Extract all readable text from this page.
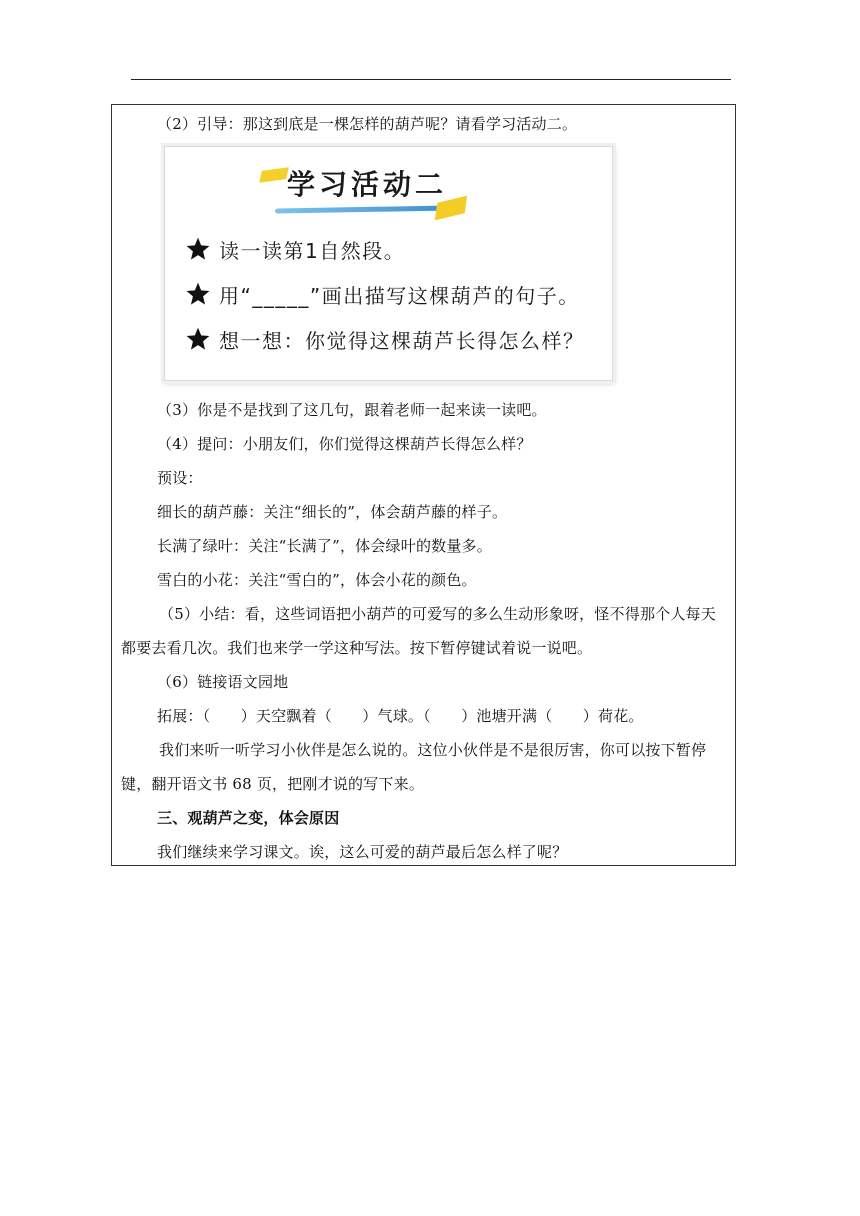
（2）引导：那这到底是一棵怎样的葫芦呢？请看学习活动二。
学习活动二
读一读第1自然段。
用“_____”画出描写这棵葫芦的句子。
想一想：你觉得这棵葫芦长得怎么样？
（3）你是不是找到了这几句，跟着老师一起来读一读吧。
（4）提问：小朋友们，你们觉得这棵葫芦长得怎么样？
预设：
细长的葫芦藤：关注“细长的”，体会葫芦藤的样子。
长满了绿叶：关注“长满了”，体会绿叶的数量多。
雪白的小花：关注“雪白的”，体会小花的颜色。
（5）小结：看，这些词语把小葫芦的可爱写的多么生动形象呀，怪不得那个人每天都要去看几次。我们也来学一学这种写法。按下暂停键试着说一说吧。
（6）链接语文园地
拓展：（　　）天空飘着（　　）气球。（　　）池塘开满（　　）荷花。
我们来听一听学习小伙伴是怎么说的。这位小伙伴是不是很厉害，你可以按下暂停键，翻开语文书 68 页，把刚才说的写下来。
三、观葫芦之变，体会原因
我们继续来学习课文。诶，这么可爱的葫芦最后怎么样了呢？
